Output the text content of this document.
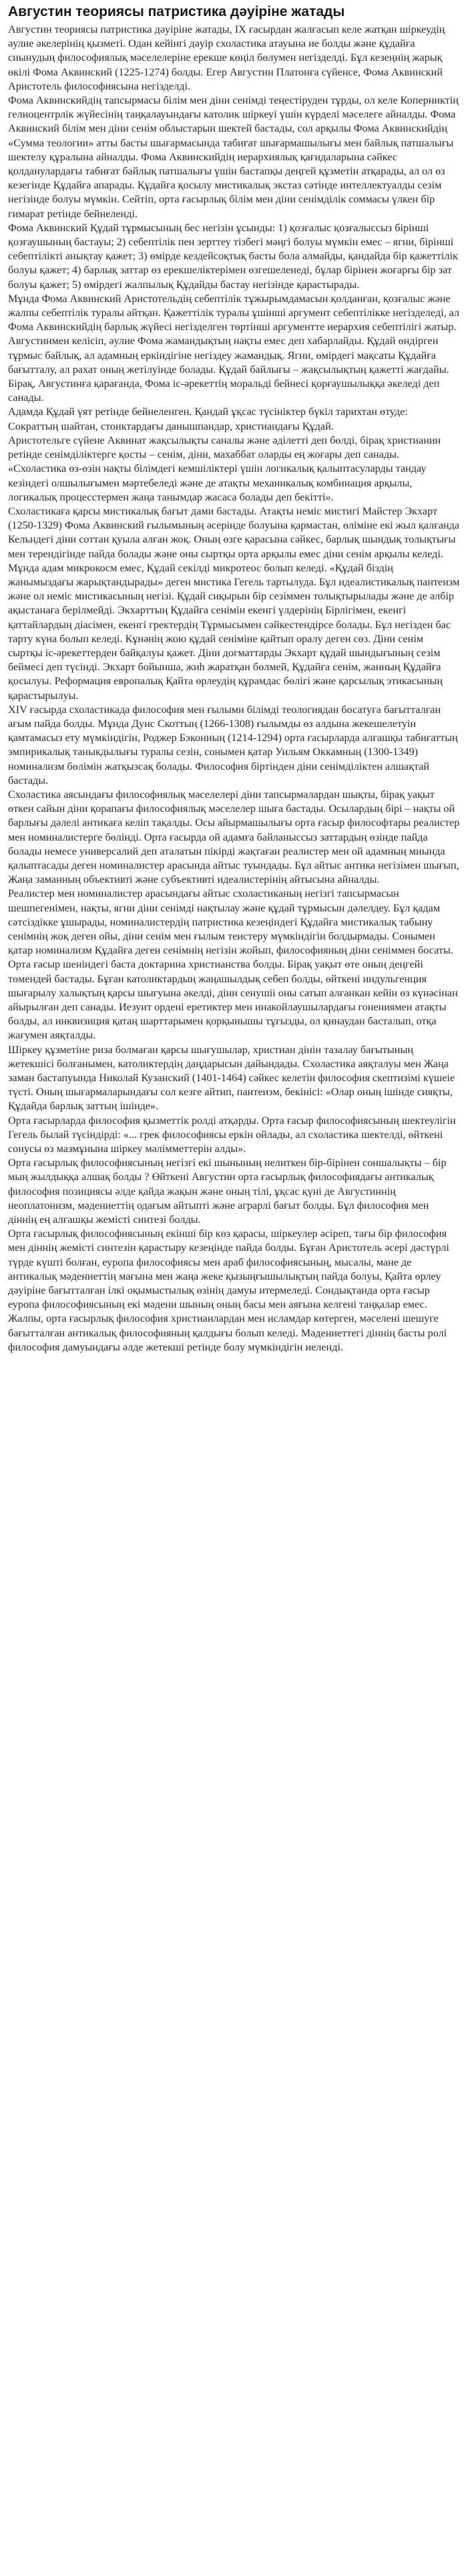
Августин теориясы патристика дәуіріне жатады

Августин теориясы патристика дәуіріне жатады, IX ғасырдан жалғасып келе жатқан шіркеудің әулие әкелерінің қызметі. Одан кейінгі дәуір схоластика атауына ие болды және құдайға сиынудың философиялық мәселелеріне ерекше көңіл бөлумен негізделді. Бұл кезеңнің жарық өкілі Фома Аквинский (1225-1274) болды. Егер Августин Платонға сүйенсе, Фома Аквинский Аристотель философиясына негізделді.

Фома Аквинскийдің тапсырмасы білім мен діни сенімді теңестіруден тұрды, ол келе Коперниктің гелиоцентрлік жүйесінің таңқалауындағы католик шіркеуі үшін күрделі мәселеге айналды. Фома Аквинский білім мен діни сенім облыстарын шектей бастады, сол арқылы Фома Аквинскийдің «Сумма теологии» атты басты шығармасында табиғат шығармашылығы мен байлық патшалығы шектелу құралына айналды. Фома Аквинскийдің иерархиялық қағидаларына сәйкес қолданулардағы табиғат байлық патшалығы үшін бастапқы деңгей құзметін атқарады, ал ол өз кезегінде Құдайға апарады. Құдайға қосылу мистикалық экстаз сәтінде интеллектуалды сезім негізінде болуы мүмкін. Сейтіп, орта ғасырлық білім мен діни сенімділік соммасы үлкен бір гимарат ретінде бейнеленді.

Фома Аквинский Құдай тұрмысының бес негізін ұсынды: 1) қозғалыс қозғалыссыз бірінші қозғаушының бастауы; 2) себептілік пен зерттеу тізбегі мәңгі болуы мүмкін емес – ягни, бірінші себептілікті анықтау қажет; 3) өмірде кездейсоқтық басты бола алмайды, қандайда бір қажеттілік болуы қажет; 4) барлық заттар өз ерекшеліктерімен өзгешеленеді, бұлар бірінен жоғарғы бір зат болуы қажет; 5) өмірдегі жалпылық Құдайды бастау негізінде қарастырады.

Мұнда Фома Аквинский Аристотельдің себептілік тұжырымдамасын қолданған, қозғалыс және жалпы себептілік туралы айтқан. Қажеттілік туралы ұшінші аргумент себептілікке негізделеді, ал Фома Аквинскийдің барлық жүйесі негізделген төртінші аргументте иерархия себептілігі жатыр.

Августинмен келісіп, әулие Фома жамандықтың нақты емес деп хабарлайды. Құдай өндірген тұрмыс байлық, ал адамның еркіндігіне негіздеу жамандық. Ягни, өмірдегі мақсаты Құдайға бағытталу, ал рахат оның жетілуінде болады. Құдай байлығы – жақсылықтың қажетті жағдайы. Бірақ, Августинға қарағанда, Фома іс-әрекеттің моральді бейнесі қорғаушылыққа әкеледі деп санады.

Адамда Құдай үят ретінде бейнеленген. Қандай ұқсас түсініктер бүкіл тарихтан өтуде: Сократтың шайтан, стоиктардағы данышпандар, христиандағы Құдай.

Аристотельге сүйене Аквинат жақсылықты саналы және әділетті деп бөлді, бірақ христианин ретінде сенімділіктерге қосты – сенім, діни, махаббат оларды ең жоғары деп санады.

«Схоластика өз-өзін нақты білімдегі кемшіліктері үшін логикалық қалыптасуларды тандау кезіндегі олшылығымен мәртебеледі және де атақты механикалық комбинация арқылы, логикалық процесстермен жаңа танымдар жасаса болады деп бекітті».

Схоластикаға қарсы мистикалық бағыт дами бастады. Атақты неміс мистигі Майстер Экхарт (1250-1329) Фома Аквинский ғылымының әсерінде болуына қармастан, өліміне екі жыл қалғанда Кельндегі діни соттан қуыла алған жоқ. Оның өзге қарасына сәйкес, барлық шындық толықтығы мен терендігінде пайда болады және оны сыртқы орта арқылы емес діни сенім арқылы келеді. Мұнда адам микрокосм емес, Құдай секілді микротеос болып келеді. «Құдай біздің жанымыздағы жарықтандырады» деген мистика Гегель тартылуда. Бұл идеалистикалық пантеизм және ол неміс мистикасының негізі. Құдай сиқырын бір сезіммен толықтырылады және де әлбір ақыстанаға берілмейді. Экхарттың Құдайға сенімін екенгі үлдерінің Бірлігімен, екенгі қаттайлардың діасімен, екенгі гректердің Тұрмысымен сәйкестендірсе болады. Бұл негізден бас тарту күна болып келеді. Кұнәнің жою құдай сеніміне қайтып оралу деген сөз. Діни сенім сыртқы іс-әрекеттерден байқалуы қажет. Діни догматтарды Экхарт құдай шындығының сезім беймесі деп түсінді. Экхарт бойынша, жиһ жаратқан бөлмей, Құдайға сенім, жанның Құдайға қосылуы. Реформация европалық Қайта өрлеудің құрамдас бөлігі және қарсылық этикасының қарастырылуы.

XIV ғасырда схоластикада философия мен ғылыми білімді теологиядан босатуға бағытталған ағым пайда болды. Мұнда Дунс Скоттың (1266-1308) ғылымды өз алдына жекешелетуін қамтамасыз ету мүмкіндігін, Роджер Бэконның (1214-1294) орта ғасырларда алғашқы табиғаттың эмпирикалық таныкдылығы туралы сезін, сонымен қатар Уильям Оккамның (1300-1349) номинализм бөлімін жатқызсақ болады. Философия біртінден діни сенімділіктен алшақтай бастады.

Схоластика аясындағы философиялық мәселелері діни тапсырмалардан шықты, бірақ уақыт өткен сайын діни қорапағы философиялық мәселелер шыға бастады. Осылардың бірі – нақты ой барлығы дәлелі антикаға келіп тақалды. Осы айырмашылығы орта ғасыр философтары реалистер мен номиналистерге бөлінді. Орта ғасырда ой адамға байланыссыз заттардың өзінде пайда болады немесе универсалий деп аталатын пікірді жақтаған реалистер мен ой адамның миында қалыптасады деген номиналистер арасында айтыс туындады. Бұл айтыс антика негізімен шығып, Жаңа заманның объективті және субъективті идеалистерінің айтысына айналды.

Реалистер мен номиналистер арасындағы айтыс схоластиканың негізгі тапсырмасын шешпегенімен, нақты, ягни діни сенімді нақтылау және құдай тұрмысын дәлелдеу. Бұл қадам сәтсіздікке ұшырады, номиналистердің патристика кезеңіндегі Құдайға мистикалық табыну сенімнің жоқ деген ойы, діни сенім мен ғылым теистеру мүмкіндігін болдырмады. Сонымен қатар номинализм Құдайға деген сенімнің негізін жойып, философияның діни сеніммен босаты.

Орта ғасыр шеніндегі баста доктарина христианства болды. Бірақ уақыт өте оның деңгейі төмендей бастады. Бұған католиктардың жаңашылдық себеп болды, өйткені индульгенция шығарылу халықтың қарсы шығуына әкелді, діни сенушіі оны сатып алғанкан кейін өз күнәсінан айырылған деп санады. Иезуит ордені еретиктер мен инакойлаушылардағы гонениямен атақты болды, ал инквизиция қатаң шарттарымен қорқынышы тұғызды, ол қинаудан басталып, отқа жағумен аяқталды.

Шіркеу құзметіне риза болмаған қарсы шығушылар, христиан дінін тазалау бағытының жетекшісі болғанымен, католиктердің даңдарысын дайындады. Схоластика аяқталуы мен Жаңа заман бастапуында Николай Кузанский (1401-1464) сәйкес келетін философия скептизімі күшеіе түсті. Оның шығармаларындағы сол кезге айтип, пантеизм, бекінісі: «Олар оның ішінде сияқты, Құдайда барлық заттың ішінде».

Орта ғасырларда философия қызметтік ролді атқарды. Орта ғасыр философиясының шектеулігін Гегель былай түсіндірді: «... грек философиясы еркін ойлады, ал схоластика шектелді, өйткені сонусы өз мазмұнына шіркеу мәлімметтерін алды».

Орта ғасырлық философиясының негізгі екі шынының нелиткен бір-бірінен соншалықты – бір мың жылдыққа алшақ болды ? Өйткені Августин орта ғасырлық философиядағы антикалық философия позициясы әлде қайда жақын және оның тілі, ұқсас қүні де Августиннің неоплатонизм, мәдениеттің одағым айтыпті және аграрлі бағыт болды. Бұл философия мен діннің ең алғашқы жемісті синтезі болды.

Орта ғасырлық философиясының екінші бір көз қарасы, шіркеулер әсіреп, тағы бір философия мен діннің жемісті синтезін қарастыру кезеңінде пайда болды. Бұған Аристотель әсері дәстүрлі түрде күшті болған, еуропа философиясы мен араб философиясының, мысалы, мане де антикалық мәдениеттің мағына мен жаңа жеке қызыңғышылықтың пайда болуы, Қайта өрлеу дәуіріне бағытталған ілкі оқымыстылық өзінің дамуы итермеледі. Сондықтанда орта ғасыр еуропа философиясының екі мәдени шының оның басы мен аяғына келгені таңқалар емес.

Жалпы, орта ғасырлық философия христианлардан мен исламдар көтерген, мәселені шешуге бағытталған антикалық философияның қалдығы болып келеді. Мәдениеттегі діннің басты ролі философия дамуындағы әлде жетекші ретінде болу мүмкіндігін иеленді.
